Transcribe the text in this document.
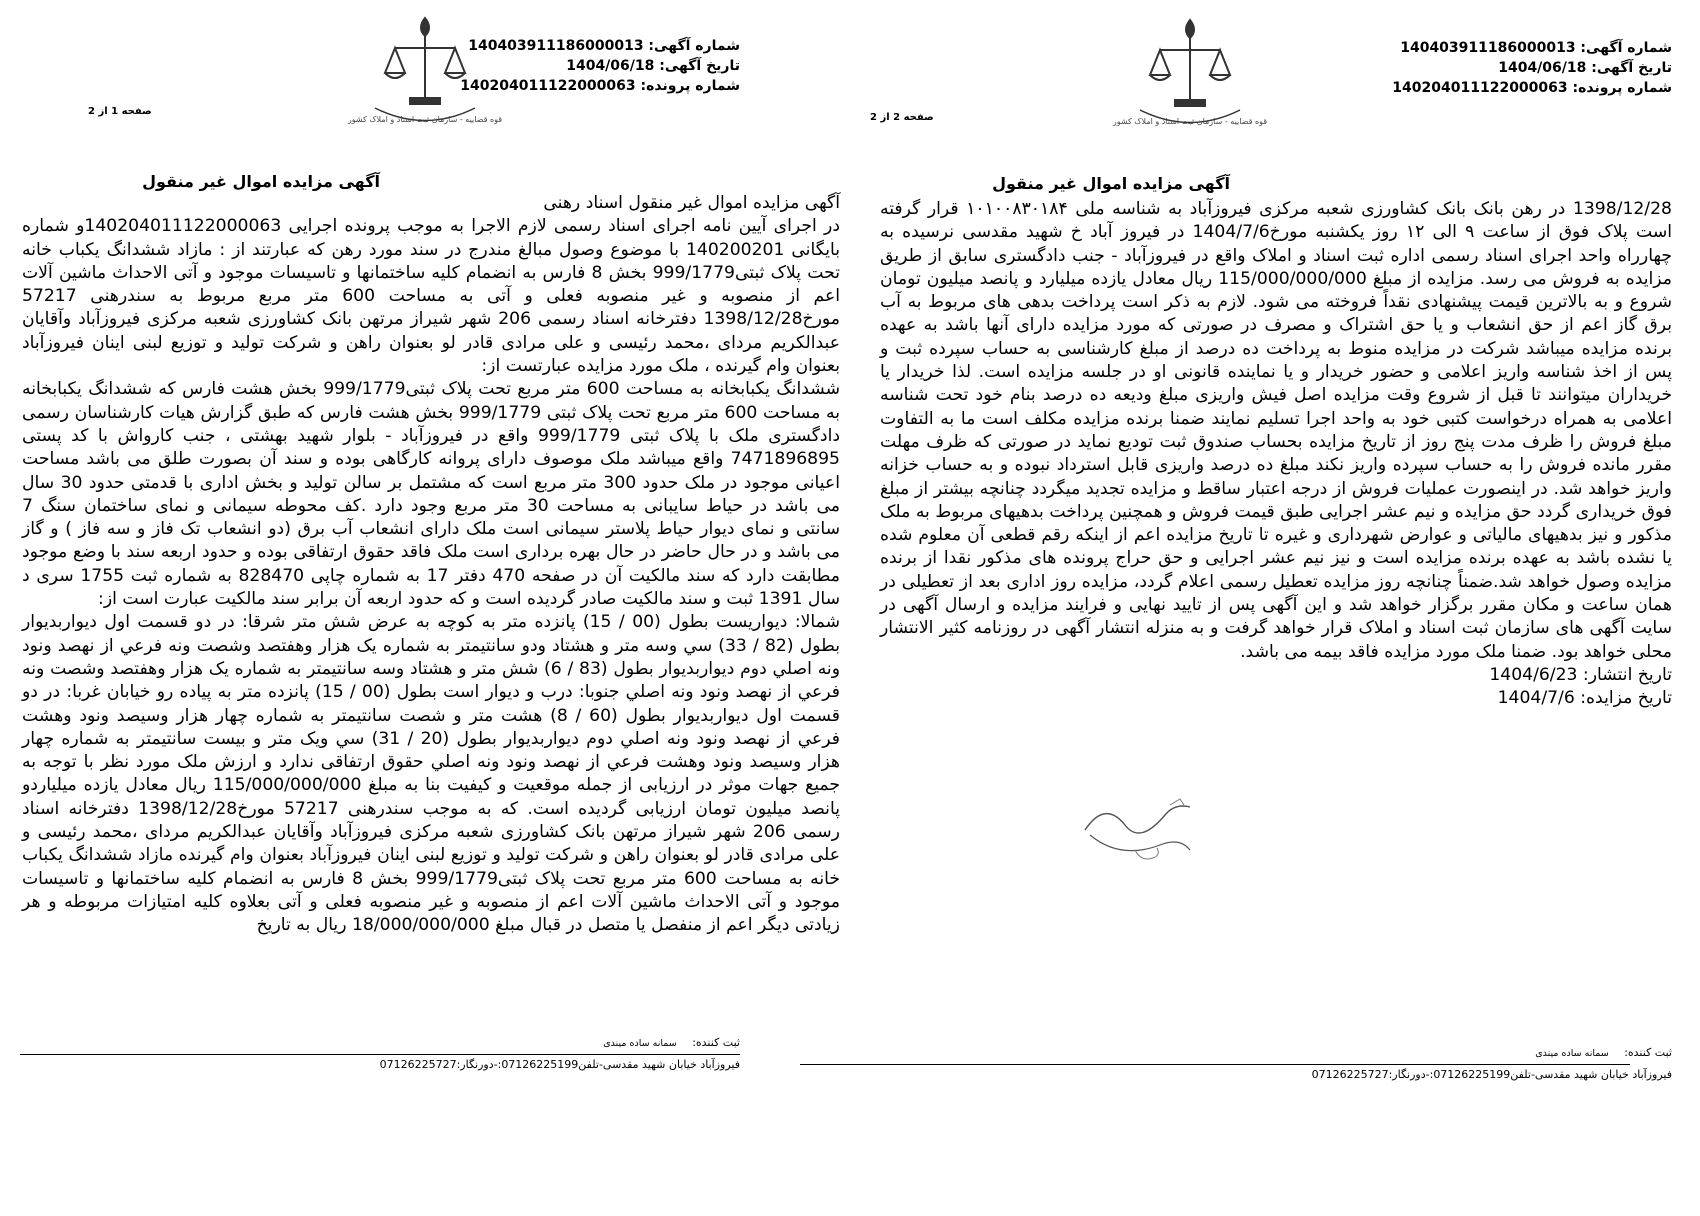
قوه قضاییه - سازمان ثبت اسناد و املاک کشور
شماره آگهی: 140403911186000013
تاریخ آگهی: 1404/06/18
شماره پرونده: 140204011122000063
صفحه 1 از 2
آگهی مزایده اموال غیر منقول

آگهی مزایده اموال غیر منقول اسناد رهنی

در اجرای آیین نامه اجرای اسناد رسمی لازم الاجرا به موجب پرونده اجرایی 140204011122000063و شماره بایگانی 140200201 با موضوع وصول مبالغ مندرج در سند مورد رهن که عبارتند از : مازاد ششدانگ یکباب خانه تحت پلاک ثبتی999/1779 بخش 8 فارس به انضمام کلیه ساختمانها و تاسیسات موجود و آتی الاحداث ماشین آلات اعم از منصوبه و غیر منصوبه فعلی و آتی به مساحت 600 متر مربع مربوط به سندرهنی 57217 مورخ1398/12/28 دفترخانه اسناد رسمی 206 شهر شیراز مرتهن بانک کشاورزی شعبه مرکزی فیروزآباد وآقایان عبدالکریم مردای ،محمد رئیسی و علی مرادی قادر لو بعنوان راهن و شرکت تولید و توزیع لبنی اینان فیروزآباد بعنوان وام گیرنده ، ملک مورد مزایده عبارتست از:

ششدانگ یکبابخانه به مساحت 600 متر مربع تحت پلاک ثبتی999/1779 بخش هشت فارس که ششدانگ یکبابخانه به مساحت 600 متر مربع تحت پلاک ثبتی 999/1779 بخش هشت فارس که طبق گزارش هیات کارشناسان رسمی دادگستری ملک با پلاک ثبتی 999/1779 واقع در فیروزآباد - بلوار شهید بهشتی ، جنب کارواش با کد پستی 7471896895 واقع میباشد ملک موصوف دارای پروانه کارگاهی بوده و سند آن بصورت طلق می باشد مساحت اعیانی موجود در ملک حدود 300 متر مربع است که مشتمل بر سالن تولید و بخش اداری با قدمتی حدود 30 سال می باشد در حیاط سایبانی به مساحت 30 متر مربع وجود دارد .کف محوطه سیمانی و نمای ساختمان سنگ 7 سانتی و نمای دیوار حیاط پلاستر سیمانی است ملک دارای انشعاب آب برق (دو انشعاب تک فاز و سه فاز ) و گاز می باشد و در حال حاضر در حال بهره برداری است ملک فاقد حقوق ارتفاقی بوده و حدود اربعه سند با وضع موجود مطابقت دارد که سند مالکیت آن در صفحه 470 دفتر 17 به شماره چاپی 828470 به شماره ثبت 1755 سری د سال 1391 ثبت و سند مالکیت صادر گردیده است و که حدود اربعه آن برابر سند مالکیت عبارت است از:

شمالا: دیواریست بطول (00 / 15) پانزده متر به کوچه به عرض شش متر شرقا: در دو قسمت اول دیواربدیوار بطول (82 / 33) سي وسه متر و هشتاد ودو سانتيمتر به شماره يک هزار وهفتصد وشصت ونه فرعي از نهصد ونود ونه اصلي دوم دیواربدیوار بطول (83 / 6) شش متر و هشتاد وسه سانتيمتر به شماره يک هزار وهفتصد وشصت ونه فرعي از نهصد ونود ونه اصلي جنوبا: درب و دیوار است بطول (00 / 15) پانزده متر به پیاده رو خیابان غربا: در دو قسمت اول دیواربدیوار بطول (60 / 8) هشت متر و شصت سانتيمتر به شماره چهار هزار وسیصد ونود وهشت فرعي از نهصد ونود ونه اصلي دوم دیواربدیوار بطول (20 / 31) سي ويک متر و بيست سانتيمتر به شماره چهار هزار وسیصد ونود وهشت فرعي از نهصد ونود ونه اصلي حقوق ارتفاقی ندارد و ارزش ملک مورد نظر با توجه به جمیع جهات موثر در ارزیابی از جمله موقعیت و کیفیت بنا به مبلغ 115/000/000/000 ریال معادل یازده میلیاردو پانصد میلیون تومان ارزیابی گردیده است. که به موجب سندرهنی 57217 مورخ1398/12/28 دفترخانه اسناد رسمی 206 شهر شیراز مرتهن بانک کشاورزی شعبه مرکزی فیروزآباد وآقایان عبدالکریم مردای ،محمد رئیسی و علی مرادی قادر لو بعنوان راهن و شرکت تولید و توزیع لبنی اینان فیروزآباد بعنوان وام گیرنده مازاد ششدانگ یکباب خانه به مساحت 600 متر مربع تحت پلاک ثبتی999/1779 بخش 8 فارس به انضمام کلیه ساختمانها و تاسیسات موجود و آتی الاحداث ماشین آلات اعم از منصوبه و غیر منصوبه فعلی و آتی بعلاوه کلیه امتیازات مربوطه و هر زیادتی دیگر اعم از منفصل یا متصل در قبال مبلغ 18/000/000/000 ریال به تاریخ

ثبت کننده: سمانه ساده میندی
فیروزآباد خیابان شهید مقدسی-تلفن07126225199:-دورنگار:07126225727
قوه قضاییه - سازمان ثبت اسناد و املاک کشور
شماره آگهی: 14040391118600001​3
تاریخ آگهی: 1404/06/18
شماره پرونده: 140204011122000063
صفحه 2 از 2
آگهی مزایده اموال غیر منقول

1398/12/28 در رهن بانک بانک کشاورزی شعبه مرکزی فیروزآباد به شناسه ملی ۱۰۱۰۰۸۳۰۱۸۴ قرار گرفته است پلاک فوق از ساعت ۹ الی ۱۲ روز یکشنبه مورخ1404/7/6 در فیروز آباد خ شهید مقدسی نرسیده به چهارراه واحد اجرای اسناد رسمی اداره ثبت اسناد و املاک واقع در فیروزآباد - جنب دادگستری سابق از طریق مزایده به فروش می رسد. مزایده از مبلغ 115/000/000/000 ریال معادل یازده میلیارد و پانصد میلیون تومان شروع و به بالاترین قیمت پیشنهادی نقداً فروخته می شود. لازم به ذکر است پرداخت بدهی های مربوط به آب برق گاز اعم از حق انشعاب و یا حق اشتراک و مصرف در صورتی که مورد مزایده دارای آنها باشد به عهده برنده مزایده میباشد شرکت در مزایده منوط به پرداخت ده درصد از مبلغ کارشناسی به حساب سپرده ثبت و پس از اخذ شناسه واریز اعلامی و حضور خریدار و یا نماینده قانونی او در جلسه مزایده است. لذا خریدار یا خریداران میتوانند تا قبل از شروع وقت مزایده اصل فیش واریزی مبلغ ودیعه ده درصد بنام خود تحت شناسه اعلامی به همراه درخواست کتبی خود به واحد اجرا تسلیم نمایند ضمنا برنده مزایده مکلف است ما به التفاوت مبلغ فروش را ظرف مدت پنج روز از تاریخ مزایده بحساب صندوق ثبت توديع نماید در صورتی که ظرف مهلت مقرر مانده فروش را به حساب سپرده واریز نکند مبلغ ده درصد واریزی قابل استرداد نبوده و به حساب خزانه واریز خواهد شد. در اینصورت عملیات فروش از درجه اعتبار ساقط و مزایده تجدید میگردد چنانچه بیشتر از مبلغ فوق خریداری گردد حق مزایده و نیم عشر اجرایی طبق قیمت فروش و همچنین پرداخت بدهیهای مربوط به ملک مذکور و نیز بدهیهای مالیاتی و عوارض شهرداری و غیره تا تاریخ مزایده اعم از اینکه رقم قطعی آن معلوم شده یا نشده باشد به عهده برنده مزایده است و نیز نیم عشر اجرایی و حق حراج پرونده های مذکور نقدا از برنده مزایده وصول خواهد شد.ضمناً چنانچه روز مزایده تعطیل رسمی اعلام گردد، مزایده روز اداری بعد از تعطیلی در همان ساعت و مکان مقرر برگزار خواهد شد و این آگهی پس از تایید نهایی و فرایند مزایده و ارسال آگهی در سایت آگهی های سازمان ثبت اسناد و املاک قرار خواهد گرفت و به منزله انتشار آگهی در روزنامه کثیر الانتشار محلی خواهد بود. ضمنا ملک مورد مزایده فاقد بیمه می باشد.

تاریخ انتشار: 1404/6/23

تاریخ مزایده: 1404/7/6

ثبت کننده: سمانه ساده میندی
فیروزآباد خیابان شهید مقدسی-تلفن07126225199:-دورنگار:07126225727
